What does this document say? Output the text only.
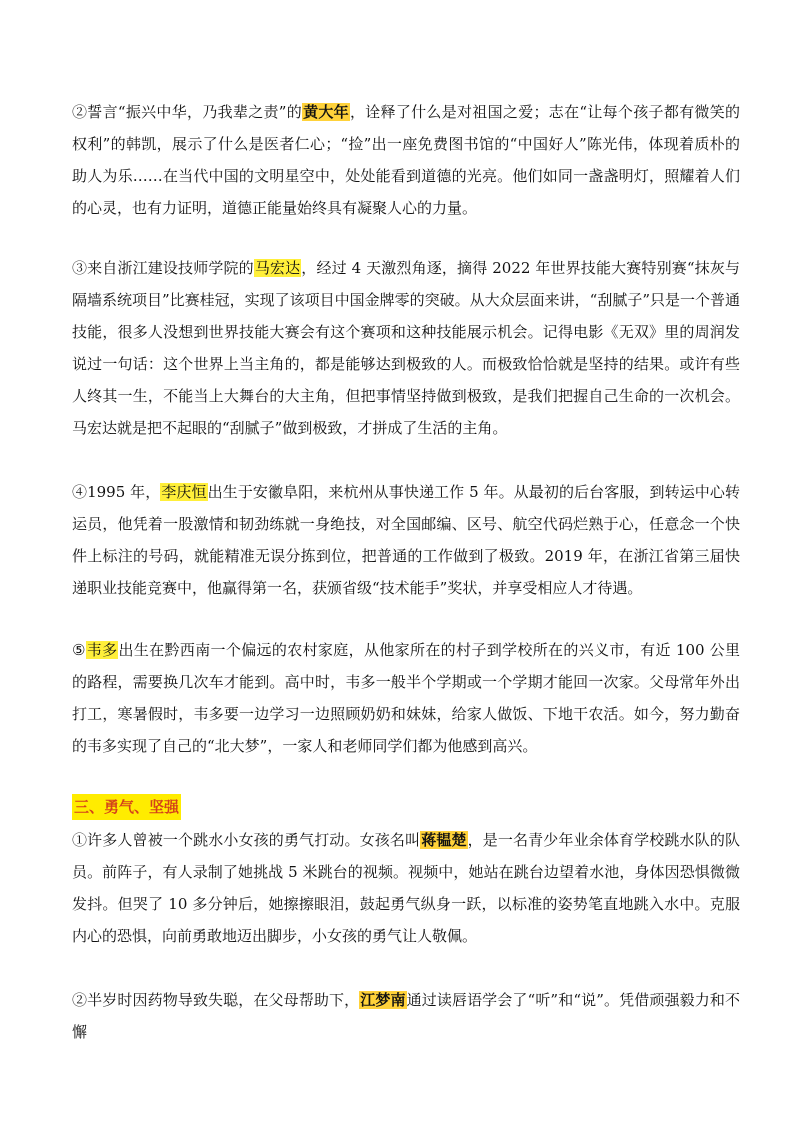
②誓言“振兴中华，乃我辈之责”的黄大年，诠释了什么是对祖国之爱；志在“让每个孩子都有微笑的权利”的韩凯，展示了什么是医者仁心；“捡”出一座免费图书馆的“中国好人”陈光伟，体现着质朴的助人为乐……在当代中国的文明星空中，处处能看到道德的光亮。他们如同一盏盏明灯，照耀着人们的心灵，也有力证明，道德正能量始终具有凝聚人心的力量。

③来自浙江建设技师学院的马宏达，经过 4 天激烈角逐，摘得 2022 年世界技能大赛特别赛“抹灰与隔墙系统项目”比赛桂冠，实现了该项目中国金牌零的突破。从大众层面来讲，“刮腻子”只是一个普通技能，很多人没想到世界技能大赛会有这个赛项和这种技能展示机会。记得电影《无双》里的周润发说过一句话：这个世界上当主角的，都是能够达到极致的人。而极致恰恰就是坚持的结果。或许有些人终其一生，不能当上大舞台的大主角，但把事情坚持做到极致，是我们把握自己生命的一次机会。马宏达就是把不起眼的“刮腻子”做到极致，才拼成了生活的主角。

④1995 年，李庆恒出生于安徽阜阳，来杭州从事快递工作 5 年。从最初的后台客服，到转运中心转运员，他凭着一股激情和韧劲练就一身绝技，对全国邮编、区号、航空代码烂熟于心，任意念一个快件上标注的号码，就能精准无误分拣到位，把普通的工作做到了极致。2019 年，在浙江省第三届快递职业技能竞赛中，他赢得第一名，获颁省级“技术能手”奖状，并享受相应人才待遇。

⑤韦多出生在黔西南一个偏远的农村家庭，从他家所在的村子到学校所在的兴义市，有近 100 公里的路程，需要换几次车才能到。高中时，韦多一般半个学期或一个学期才能回一次家。父母常年外出打工，寒暑假时，韦多要一边学习一边照顾奶奶和妹妹，给家人做饭、下地干农活。如今，努力勤奋的韦多实现了自己的“北大梦”，一家人和老师同学们都为他感到高兴。

三、勇气、坚强

①许多人曾被一个跳水小女孩的勇气打动。女孩名叫蒋韫楚，是一名青少年业余体育学校跳水队的队员。前阵子，有人录制了她挑战 5 米跳台的视频。视频中，她站在跳台边望着水池，身体因恐惧微微发抖。但哭了 10 多分钟后，她擦擦眼泪，鼓起勇气纵身一跃，以标准的姿势笔直地跳入水中。克服内心的恐惧，向前勇敢地迈出脚步，小女孩的勇气让人敬佩。

②半岁时因药物导致失聪，在父母帮助下，江梦南通过读唇语学会了“听”和“说”。凭借顽强毅力和不懈
